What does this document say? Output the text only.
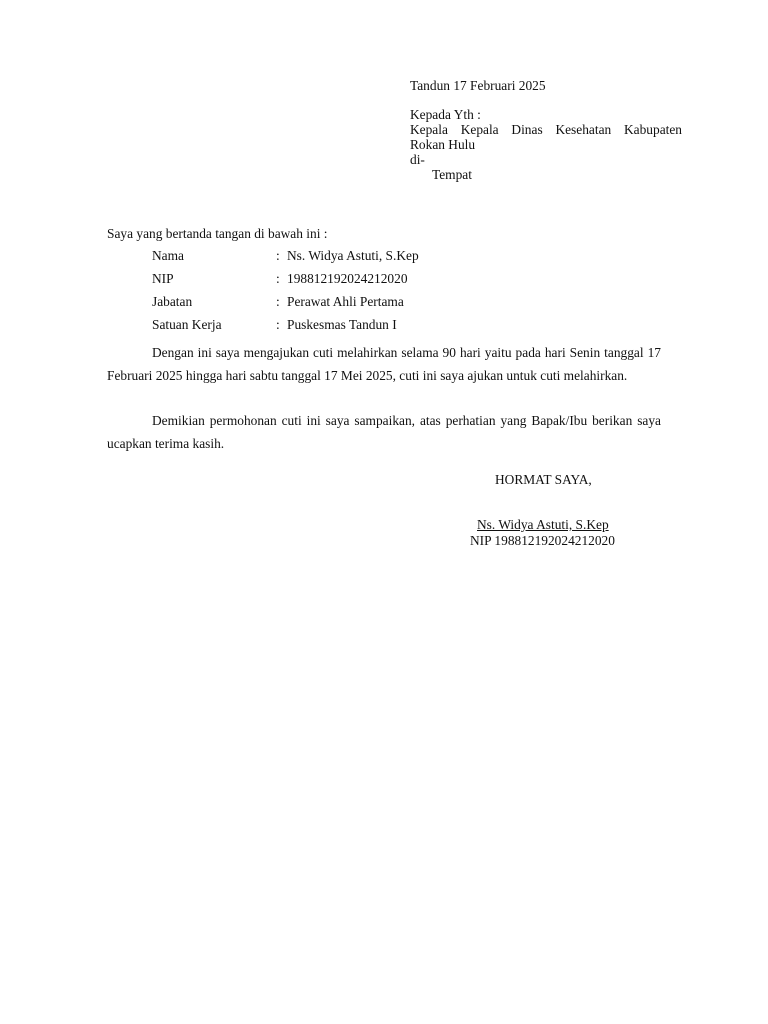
Tandun 17 Februari 2025
Kepada Yth :
Kepala Kepala Dinas Kesehatan Kabupaten
Rokan Hulu
di-
Tempat
Saya yang bertanda tangan di bawah ini :
Nama	: Ns. Widya Astuti, S.Kep
NIP	: 198812192024212020
Jabatan	: Perawat Ahli Pertama
Satuan Kerja	: Puskesmas Tandun I

Dengan ini saya mengajukan cuti melahirkan selama 90 hari yaitu pada hari Senin tanggal 17 Februari 2025 hingga hari sabtu tanggal 17 Mei 2025, cuti ini saya ajukan untuk cuti melahirkan.

Demikian permohonan cuti ini saya sampaikan, atas perhatian yang Bapak/Ibu berikan saya ucapkan terima kasih.

HORMAT SAYA,
Ns. Widya Astuti, S.Kep
NIP 198812192024212020
